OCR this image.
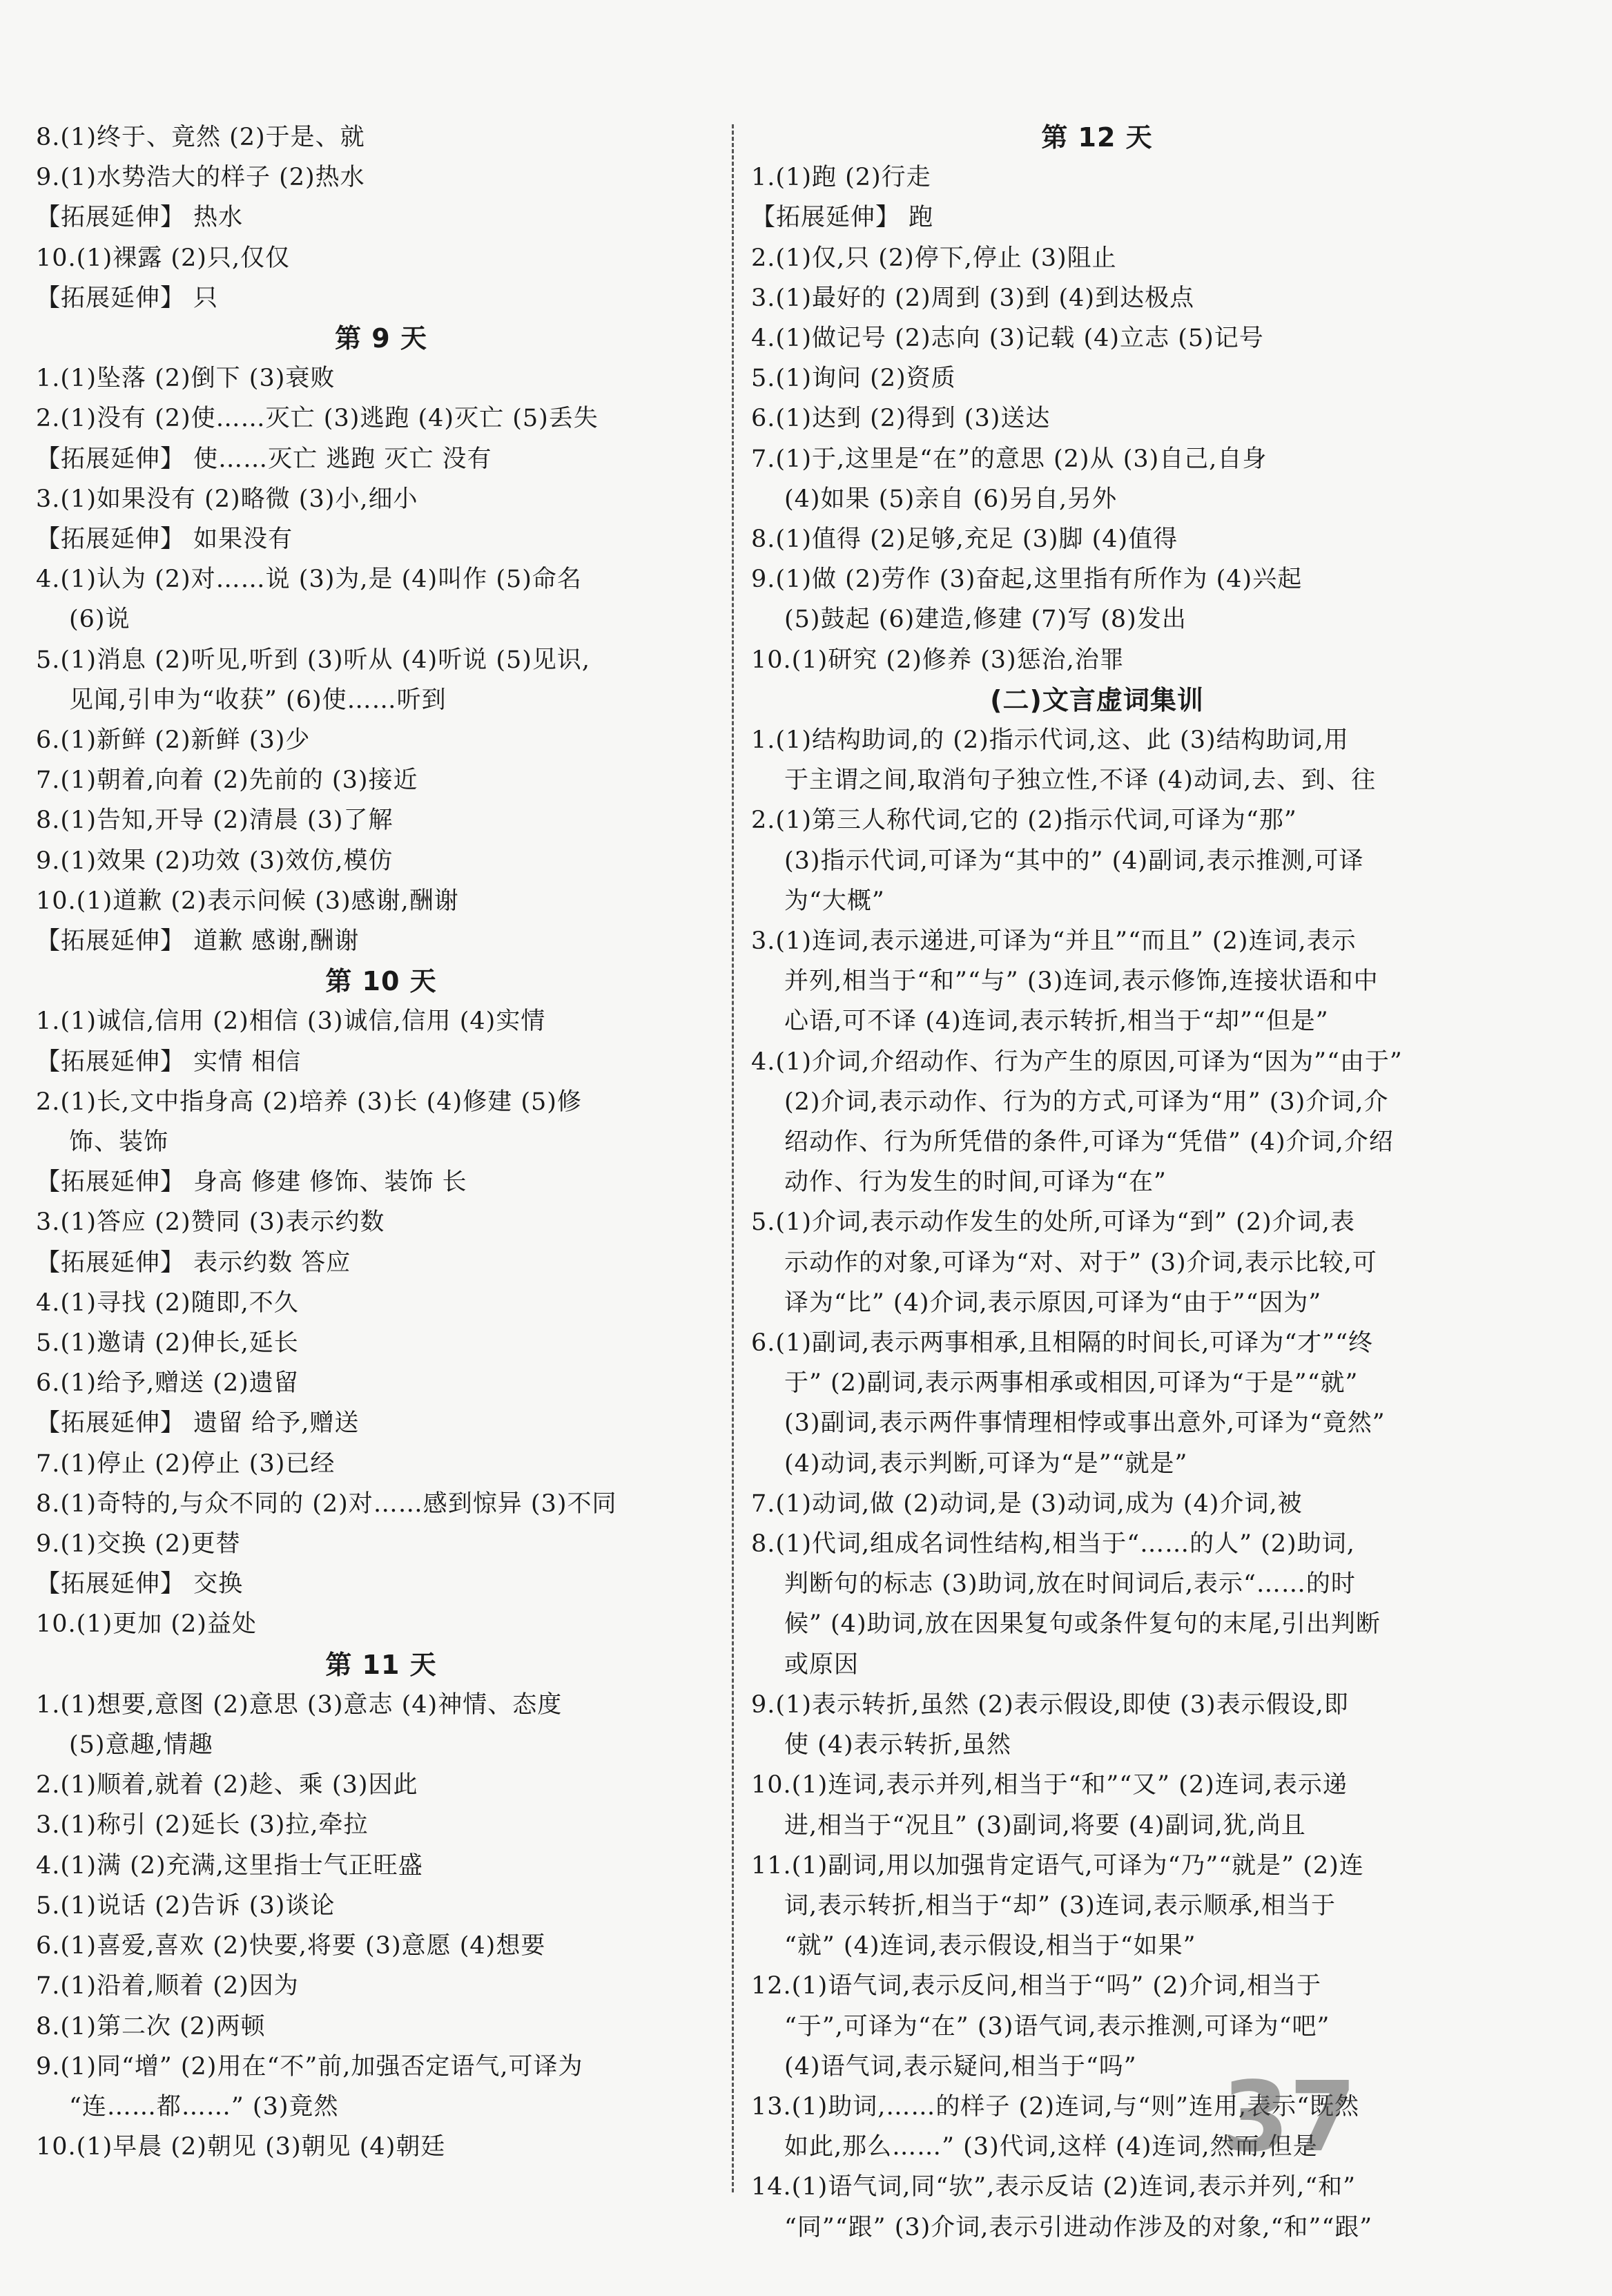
8.(1)终于、竟然 (2)于是、就
9.(1)水势浩大的样子 (2)热水
【拓展延伸】 热水
10.(1)裸露 (2)只,仅仅
【拓展延伸】 只
第 9 天
1.(1)坠落 (2)倒下 (3)衰败
2.(1)没有 (2)使……灭亡 (3)逃跑 (4)灭亡 (5)丢失
【拓展延伸】 使……灭亡 逃跑 灭亡 没有
3.(1)如果没有 (2)略微 (3)小,细小
【拓展延伸】 如果没有
4.(1)认为 (2)对……说 (3)为,是 (4)叫作 (5)命名
(6)说
5.(1)消息 (2)听见,听到 (3)听从 (4)听说 (5)见识,
见闻,引申为“收获” (6)使……听到
6.(1)新鲜 (2)新鲜 (3)少
7.(1)朝着,向着 (2)先前的 (3)接近
8.(1)告知,开导 (2)清晨 (3)了解
9.(1)效果 (2)功效 (3)效仿,模仿
10.(1)道歉 (2)表示问候 (3)感谢,酬谢
【拓展延伸】 道歉 感谢,酬谢
第 10 天
1.(1)诚信,信用 (2)相信 (3)诚信,信用 (4)实情
【拓展延伸】 实情 相信
2.(1)长,文中指身高 (2)培养 (3)长 (4)修建 (5)修
饰、装饰
【拓展延伸】 身高 修建 修饰、装饰 长
3.(1)答应 (2)赞同 (3)表示约数
【拓展延伸】 表示约数 答应
4.(1)寻找 (2)随即,不久
5.(1)邀请 (2)伸长,延长
6.(1)给予,赠送 (2)遗留
【拓展延伸】 遗留 给予,赠送
7.(1)停止 (2)停止 (3)已经
8.(1)奇特的,与众不同的 (2)对……感到惊异 (3)不同
9.(1)交换 (2)更替
【拓展延伸】 交换
10.(1)更加 (2)益处
第 11 天
1.(1)想要,意图 (2)意思 (3)意志 (4)神情、态度
(5)意趣,情趣
2.(1)顺着,就着 (2)趁、乘 (3)因此
3.(1)称引 (2)延长 (3)拉,牵拉
4.(1)满 (2)充满,这里指士气正旺盛
5.(1)说话 (2)告诉 (3)谈论
6.(1)喜爱,喜欢 (2)快要,将要 (3)意愿 (4)想要
7.(1)沿着,顺着 (2)因为
8.(1)第二次 (2)两顿
9.(1)同“增” (2)用在“不”前,加强否定语气,可译为
“连……都……” (3)竟然
10.(1)早晨 (2)朝见 (3)朝见 (4)朝廷
第 12 天
1.(1)跑 (2)行走
【拓展延伸】 跑
2.(1)仅,只 (2)停下,停止 (3)阻止
3.(1)最好的 (2)周到 (3)到 (4)到达极点
4.(1)做记号 (2)志向 (3)记载 (4)立志 (5)记号
5.(1)询问 (2)资质
6.(1)达到 (2)得到 (3)送达
7.(1)于,这里是“在”的意思 (2)从 (3)自己,自身
(4)如果 (5)亲自 (6)另自,另外
8.(1)值得 (2)足够,充足 (3)脚 (4)值得
9.(1)做 (2)劳作 (3)奋起,这里指有所作为 (4)兴起
(5)鼓起 (6)建造,修建 (7)写 (8)发出
10.(1)研究 (2)修养 (3)惩治,治罪
(二)文言虚词集训
1.(1)结构助词,的 (2)指示代词,这、此 (3)结构助词,用
于主谓之间,取消句子独立性,不译 (4)动词,去、到、往
2.(1)第三人称代词,它的 (2)指示代词,可译为“那”
(3)指示代词,可译为“其中的” (4)副词,表示推测,可译
为“大概”
3.(1)连词,表示递进,可译为“并且”“而且” (2)连词,表示
并列,相当于“和”“与” (3)连词,表示修饰,连接状语和中
心语,可不译 (4)连词,表示转折,相当于“却”“但是”
4.(1)介词,介绍动作、行为产生的原因,可译为“因为”“由于”
(2)介词,表示动作、行为的方式,可译为“用” (3)介词,介
绍动作、行为所凭借的条件,可译为“凭借” (4)介词,介绍
动作、行为发生的时间,可译为“在”
5.(1)介词,表示动作发生的处所,可译为“到” (2)介词,表
示动作的对象,可译为“对、对于” (3)介词,表示比较,可
译为“比” (4)介词,表示原因,可译为“由于”“因为”
6.(1)副词,表示两事相承,且相隔的时间长,可译为“才”“终
于” (2)副词,表示两事相承或相因,可译为“于是”“就”
(3)副词,表示两件事情理相悖或事出意外,可译为“竟然”
(4)动词,表示判断,可译为“是”“就是”
7.(1)动词,做 (2)动词,是 (3)动词,成为 (4)介词,被
8.(1)代词,组成名词性结构,相当于“……的人” (2)助词,
判断句的标志 (3)助词,放在时间词后,表示“……的时
候” (4)助词,放在因果复句或条件复句的末尾,引出判断
或原因
9.(1)表示转折,虽然 (2)表示假设,即使 (3)表示假设,即
使 (4)表示转折,虽然
10.(1)连词,表示并列,相当于“和”“又” (2)连词,表示递
进,相当于“况且” (3)副词,将要 (4)副词,犹,尚且
11.(1)副词,用以加强肯定语气,可译为“乃”“就是” (2)连
词,表示转折,相当于“却” (3)连词,表示顺承,相当于
“就” (4)连词,表示假设,相当于“如果”
12.(1)语气词,表示反问,相当于“吗” (2)介词,相当于
“于”,可译为“在” (3)语气词,表示推测,可译为“吧”
(4)语气词,表示疑问,相当于“吗”
13.(1)助词,……的样子 (2)连词,与“则”连用,表示“既然
如此,那么……” (3)代词,这样 (4)连词,然而,但是
14.(1)语气词,同“欤”,表示反诘 (2)连词,表示并列,“和”
“同”“跟” (3)介词,表示引进动作涉及的对象,“和”“跟”
37
